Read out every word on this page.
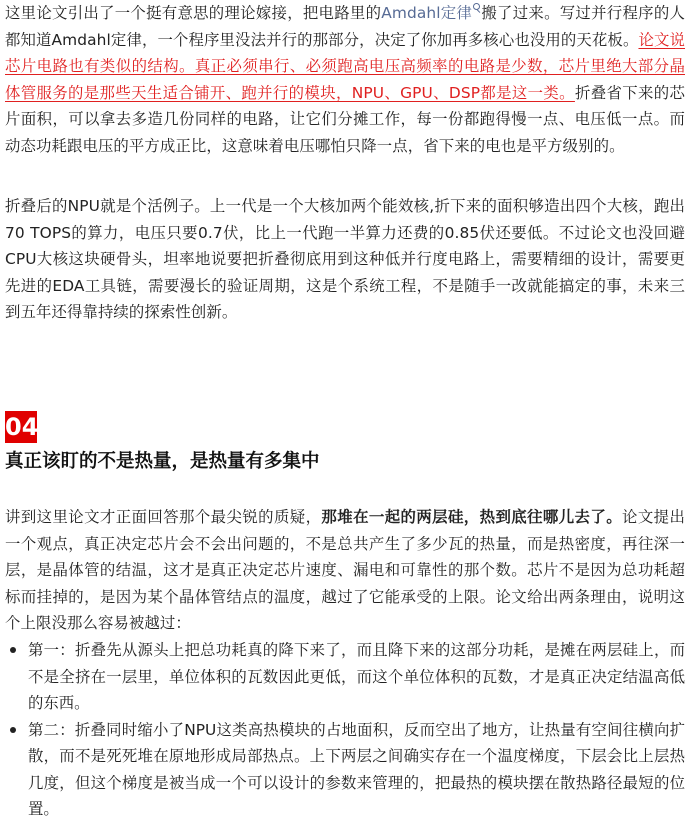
这里论文引出了一个挺有意思的理论嫁接，把电路里的Amdahl定律 搬了过来。写过并行程序的人都知道Amdahl定律，一个程序里没法并行的那部分，决定了你加再多核心也没用的天花板。论文说芯片电路也有类似的结构。真正必须串行、必须跑高电压高频率的电路是少数，芯片里绝大部分晶体管服务的是那些天生适合铺开、跑并行的模块，NPU、GPU、DSP都是这一类。折叠省下来的芯片面积，可以拿去多造几份同样的电路，让它们分摊工作，每一份都跑得慢一点、电压低一点。而动态功耗跟电压的平方成正比，这意味着电压哪怕只降一点，省下来的电也是平方级别的。

折叠后的NPU就是个活例子。上一代是一个大核加两个能效核,折下来的面积够造出四个大核，跑出70 TOPS的算力，电压只要0.7伏，比上一代跑一半算力还费的0.85伏还要低。不过论文也没回避CPU大核这块硬骨头，坦率地说要把折叠彻底用到这种低并行度电路上，需要精细的设计，需要更先进的EDA工具链，需要漫长的验证周期，这是个系统工程，不是随手一改就能搞定的事，未来三到五年还得靠持续的探索性创新。

04
真正该盯的不是热量，是热量有多集中

讲到这里论文才正面回答那个最尖锐的质疑，那堆在一起的两层硅，热到底往哪儿去了。论文提出一个观点，真正决定芯片会不会出问题的，不是总共产生了多少瓦的热量，而是热密度，再往深一层，是晶体管的结温，这才是真正决定芯片速度、漏电和可靠性的那个数。芯片不是因为总功耗超标而挂掉的，是因为某个晶体管结点的温度，越过了它能承受的上限。论文给出两条理由，说明这个上限没那么容易被越过：

第一：折叠先从源头上把总功耗真的降下来了，而且降下来的这部分功耗，是摊在两层硅上，而不是全挤在一层里，单位体积的瓦数因此更低，而这个单位体积的瓦数，才是真正决定结温高低的东西。
第二：折叠同时缩小了NPU这类高热模块的占地面积，反而空出了地方，让热量有空间往横向扩散，而不是死死堆在原地形成局部热点。上下两层之间确实存在一个温度梯度，下层会比上层热几度，但这个梯度是被当成一个可以设计的参数来管理的，把最热的模块摆在散热路径最短的位置。
